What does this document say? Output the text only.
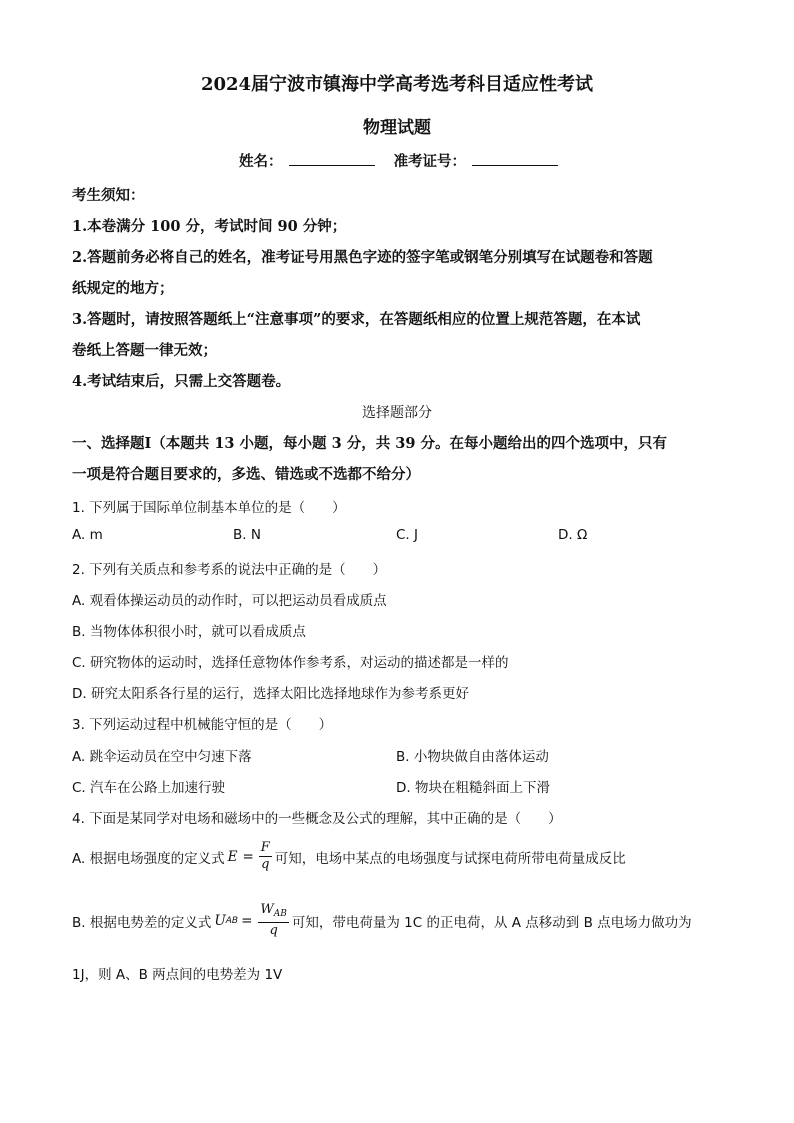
2024届宁波市镇海中学高考选考科目适应性考试
物理试题
姓名：	准考证号：
考生须知：
1.本卷满分 100 分，考试时间 90 分钟；
2.答题前务必将自己的姓名，准考证号用黑色字迹的签字笔或钢笔分别填写在试题卷和答题
纸规定的地方；
3.答题时，请按照答题纸上“注意事项”的要求，在答题纸相应的位置上规范答题，在本试
卷纸上答题一律无效；
4.考试结束后，只需上交答题卷。
选择题部分
一、选择题Ⅰ（本题共 13 小题，每小题 3 分，共 39 分。在每小题给出的四个选项中，只有
一项是符合题目要求的，多选、错选或不选都不给分）
1. 下列属于国际单位制基本单位的是（　　）
A. m	B. N	C. J	D. Ω
2. 下列有关质点和参考系的说法中正确的是（　　）
A. 观看体操运动员的动作时，可以把运动员看成质点
B. 当物体体积很小时，就可以看成质点
C. 研究物体的运动时，选择任意物体作参考系，对运动的描述都是一样的
D. 研究太阳系各行星的运行，选择太阳比选择地球作为参考系更好
3. 下列运动过程中机械能守恒的是（　　）
A. 跳伞运动员在空中匀速下落	B. 小物块做自由落体运动
C. 汽车在公路上加速行驶	D. 物块在粗糙斜面上下滑
4. 下面是某同学对电场和磁场中的一些概念及公式的理解，其中正确的是（　　）
A. 根据电场强度的定义式 $E = \frac{F}{q}$ 可知，电场中某点的电场强度与试探电荷所带电荷量成反比
B. 根据电势差的定义式 U AB = $\frac{W_{AB}}{q}$ 可知，带电荷量为 1C 的正电荷，从 A 点移动到 B 点电场力做功为
1J，则 A、B 两点间的电势差为 1V
